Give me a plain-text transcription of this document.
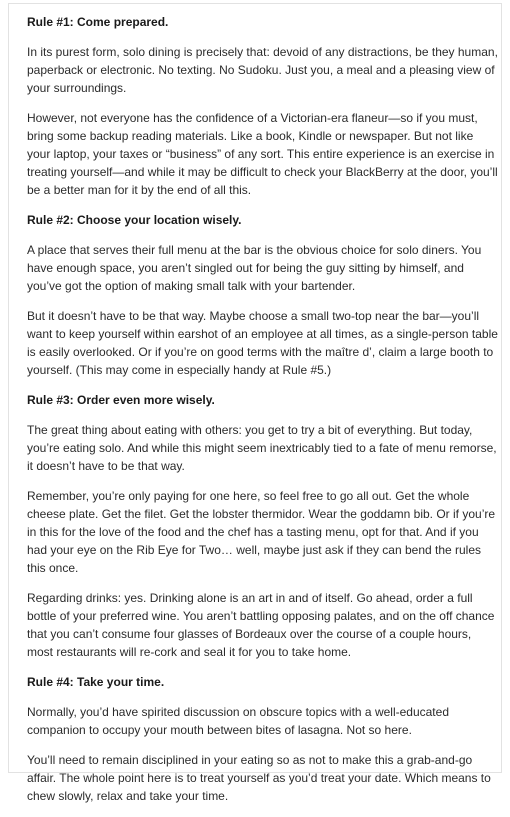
Rule #1: Come prepared.

In its purest form, solo dining is precisely that: devoid of any distractions, be they human, paperback or electronic. No texting. No Sudoku. Just you, a meal and a pleasing view of your surroundings.

However, not everyone has the confidence of a Victorian-era flaneur—so if you must, bring some backup reading materials. Like a book, Kindle or newspaper. But not like your laptop, your taxes or “business” of any sort. This entire experience is an exercise in treating yourself—and while it may be difficult to check your BlackBerry at the door, you’ll be a better man for it by the end of all this.

Rule #2: Choose your location wisely.

A place that serves their full menu at the bar is the obvious choice for solo diners. You have enough space, you aren’t singled out for being the guy sitting by himself, and you’ve got the option of making small talk with your bartender.

But it doesn’t have to be that way. Maybe choose a small two-top near the bar—you’ll want to keep yourself within earshot of an employee at all times, as a single-person table is easily overlooked. Or if you’re on good terms with the maître d’, claim a large booth to yourself. (This may come in especially handy at Rule #5.)

Rule #3: Order even more wisely.

The great thing about eating with others: you get to try a bit of everything. But today, you’re eating solo. And while this might seem inextricably tied to a fate of menu remorse, it doesn’t have to be that way.

Remember, you’re only paying for one here, so feel free to go all out. Get the whole cheese plate. Get the filet. Get the lobster thermidor. Wear the goddamn bib. Or if you’re in this for the love of the food and the chef has a tasting menu, opt for that. And if you had your eye on the Rib Eye for Two… well, maybe just ask if they can bend the rules this once.

Regarding drinks: yes. Drinking alone is an art in and of itself. Go ahead, order a full bottle of your preferred wine. You aren’t battling opposing palates, and on the off chance that you can’t consume four glasses of Bordeaux over the course of a couple hours, most restaurants will re-cork and seal it for you to take home.

Rule #4: Take your time.

Normally, you’d have spirited discussion on obscure topics with a well-educated companion to occupy your mouth between bites of lasagna. Not so here.

You’ll need to remain disciplined in your eating so as not to make this a grab-and-go affair. The whole point here is to treat yourself as you’d treat your date. Which means to chew slowly, relax and take your time.
